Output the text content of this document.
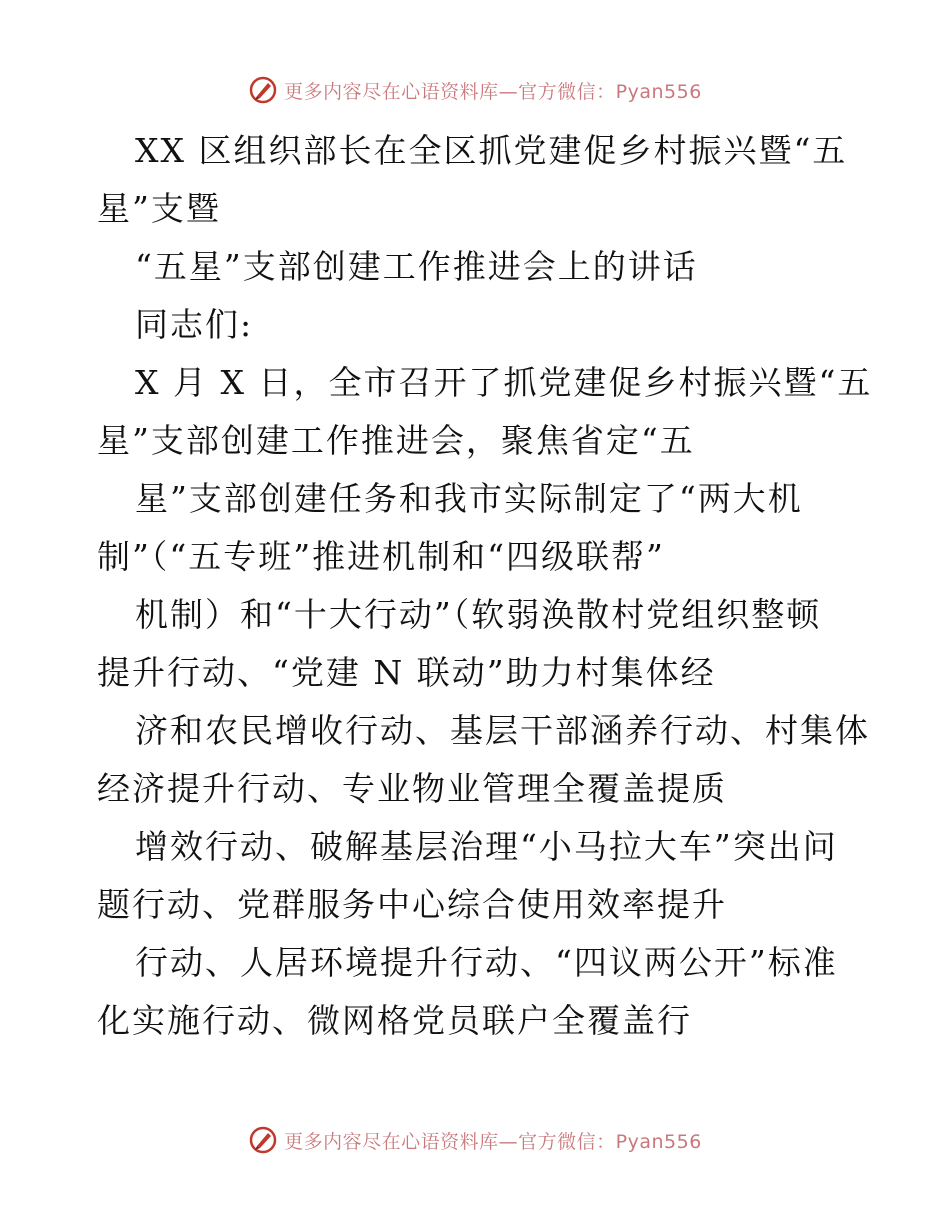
更多内容尽在心语资料库—官方微信：Pyan556
XX 区组织部长在全区抓党建促乡村振兴暨“五
星”支暨
“五星”支部创建工作推进会上的讲话
同志们:
X 月 X 日，全市召开了抓党建促乡村振兴暨“五
星”支部创建工作推进会，聚焦省定“五
星”支部创建任务和我市实际制定了“两大机
制”（“五专班”推进机制和“四级联帮”
机制）和“十大行动”（软弱涣散村党组织整顿
提升行动、“党建 N 联动”助力村集体经
济和农民增收行动、基层干部涵养行动、村集体
经济提升行动、专业物业管理全覆盖提质
增效行动、破解基层治理“小马拉大车”突出问
题行动、党群服务中心综合使用效率提升
行动、人居环境提升行动、“四议两公开”标准
化实施行动、微网格党员联户全覆盖行
更多内容尽在心语资料库—官方微信：Pyan556
